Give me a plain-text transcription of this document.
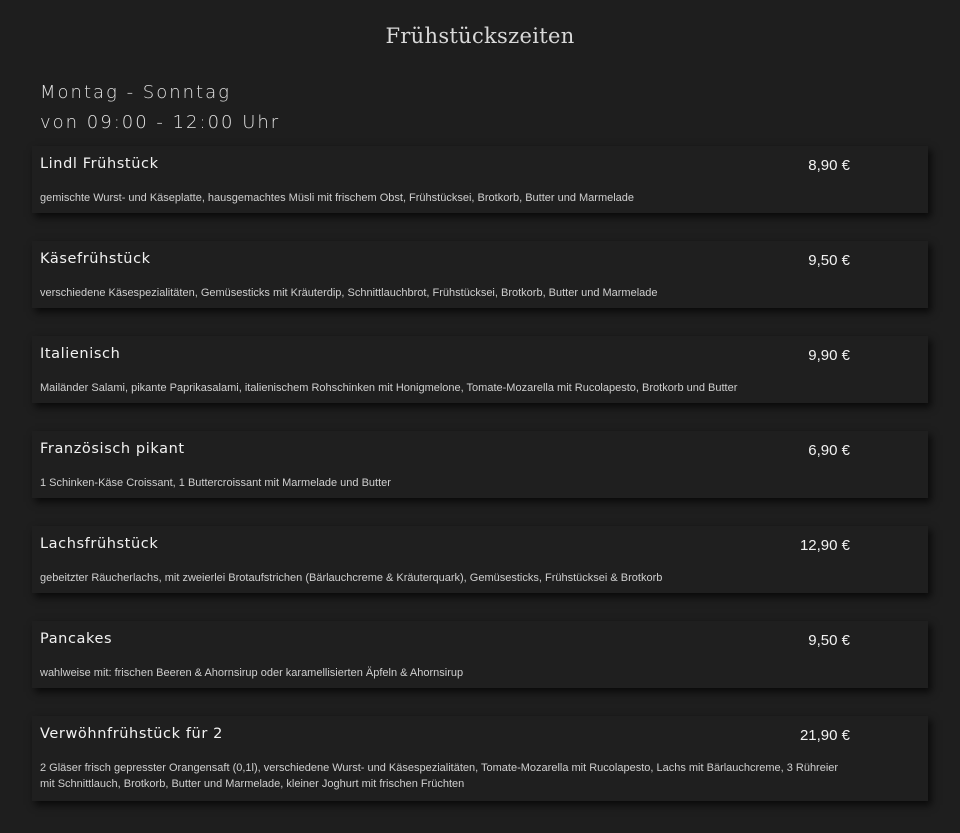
Frühstückszeiten
Montag - Sonntag
von 09:00 - 12:00 Uhr
Lindl Frühstück	8,90 €
gemischte Wurst- und Käseplatte, hausgemachtes Müsli mit frischem Obst, Frühstücksei, Brotkorb, Butter und Marmelade
Käsefrühstück	9,50 €
verschiedene Käsespezialitäten, Gemüsesticks mit Kräuterdip, Schnittlauchbrot, Frühstücksei, Brotkorb, Butter und Marmelade
Italienisch	9,90 €
Mailänder Salami, pikante Paprikasalami, italienischem Rohschinken mit Honigmelone, Tomate-Mozarella mit Rucolapesto, Brotkorb und Butter
Französisch pikant	6,90 €
1 Schinken-Käse Croissant, 1 Buttercroissant mit Marmelade und Butter
Lachsfrühstück	12,90 €
gebeitzter Räucherlachs, mit zweierlei Brotaufstrichen (Bärlauchcreme & Kräuterquark), Gemüsesticks, Frühstücksei & Brotkorb
Pancakes	9,50 €
wahlweise mit: frischen Beeren & Ahornsirup oder karamellisierten Äpfeln & Ahornsirup
Verwöhnfrühstück für 2	21,90 €
2 Gläser frisch gepresster Orangensaft (0,1l), verschiedene Wurst- und Käsespezialitäten, Tomate-Mozarella mit Rucolapesto, Lachs mit Bärlauchcreme, 3 Rühreier mit Schnittlauch, Brotkorb, Butter und Marmelade, kleiner Joghurt mit frischen Früchten
